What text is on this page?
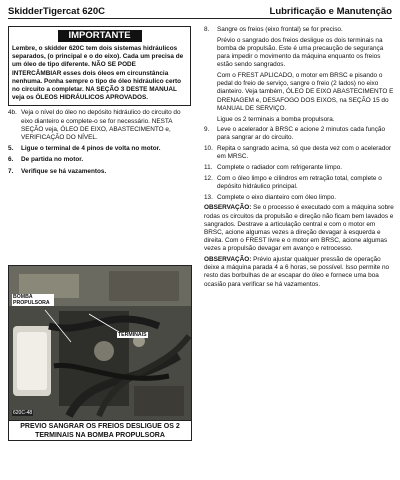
SkidderTigercat 620C	Lubrificação e Manutenção
IMPORTANTE
Lembre, o skidder 620C tem dois sistemas hidráulicos separados, (o principal e o do eixo). Cada um precisa de um óleo de tipo diferente. NÃO SE PODE INTERCÂMBIAR esses dois óleos em circunstância nenhuma. Ponha sempre o tipo de óleo hidráulico certo no circuito a completar. NA SEÇÃO 3 DESTE MANUAL veja os ÓLEOS HIDRÁULICOS APROVADOS.
4b. Veja o nível do óleo no depósito hidráulico do circuito do eixo dianteiro e complete-o se for necessário. NESTA SEÇÃO veja, ÓLEO DE EIXO, ABASTECIMENTO e, VERIFICAÇÃO DO NÍVEL.
5.	Ligue o terminal de 4 pinos de volta no motor.
6.	De partida no motor.
7.	Verifique se há vazamentos.
BOMBA PROPULSORA
TERMINAIS
620C-48
PREVIO SANGRAR OS FREIOS DESLIGUE OS 2 TERMINAIS NA BOMBA PROPULSORA
8.	Sangre os freios (eixo frontal) se for preciso.
Prévio o sangrado dos freios desligue os dois terminais na bomba de propulsão. Este é uma precaução de segurança para impedir o movimento da máquina enquanto os freios estão sendo sangrados.
Com o FREST APLICADO, o motor em BRSC e pisando o pedal do freio de serviço, sangre o freio (2 lados) no eixo dianteiro. Veja também, ÓLEO DE EIXO ABASTECIMENTO E DRENAGEM e, DESAFOGO DOS EIXOS, na SEÇÃO 15 do MANUAL DE SERVIÇO.
Ligue os 2 terminais a bomba propulsora.
9.	Leve o acelerador à BRSC e acione 2 minutos cada função para sangrar ar do circuito.
10. Repita o sangrado acima, só que desta vez com o acelerador em MRSC.
11. Complete o radiador com refrigerante limpo.
12. Com o óleo limpo e cilindros em retração total, complete o depósito hidráulico principal.
13. Complete o eixo dianteiro com óleo limpo.
OBSERVAÇÃO: Se o processo é executado com a máquina sobre rodas os circuitos da propulsão e direção não ficam bem lavados e sangrados. Destrave a articulação central e com o motor em BRSC, acione algumas vezes a direção devagar à esquerda e direita. Com o FREST livre e o motor em BRSC, acione algumas vezes a propulsão devagar em avanço e retrocesso.
OBSERVAÇÃO: Prévio ajustar qualquer pressão de operação deixe a máquina parada 4 a 6 horas, se possível. Isso permite no resto das borbulhas de ar escapar do óleo e fornece uma boa ocasião para verificar se há vazamentos.
